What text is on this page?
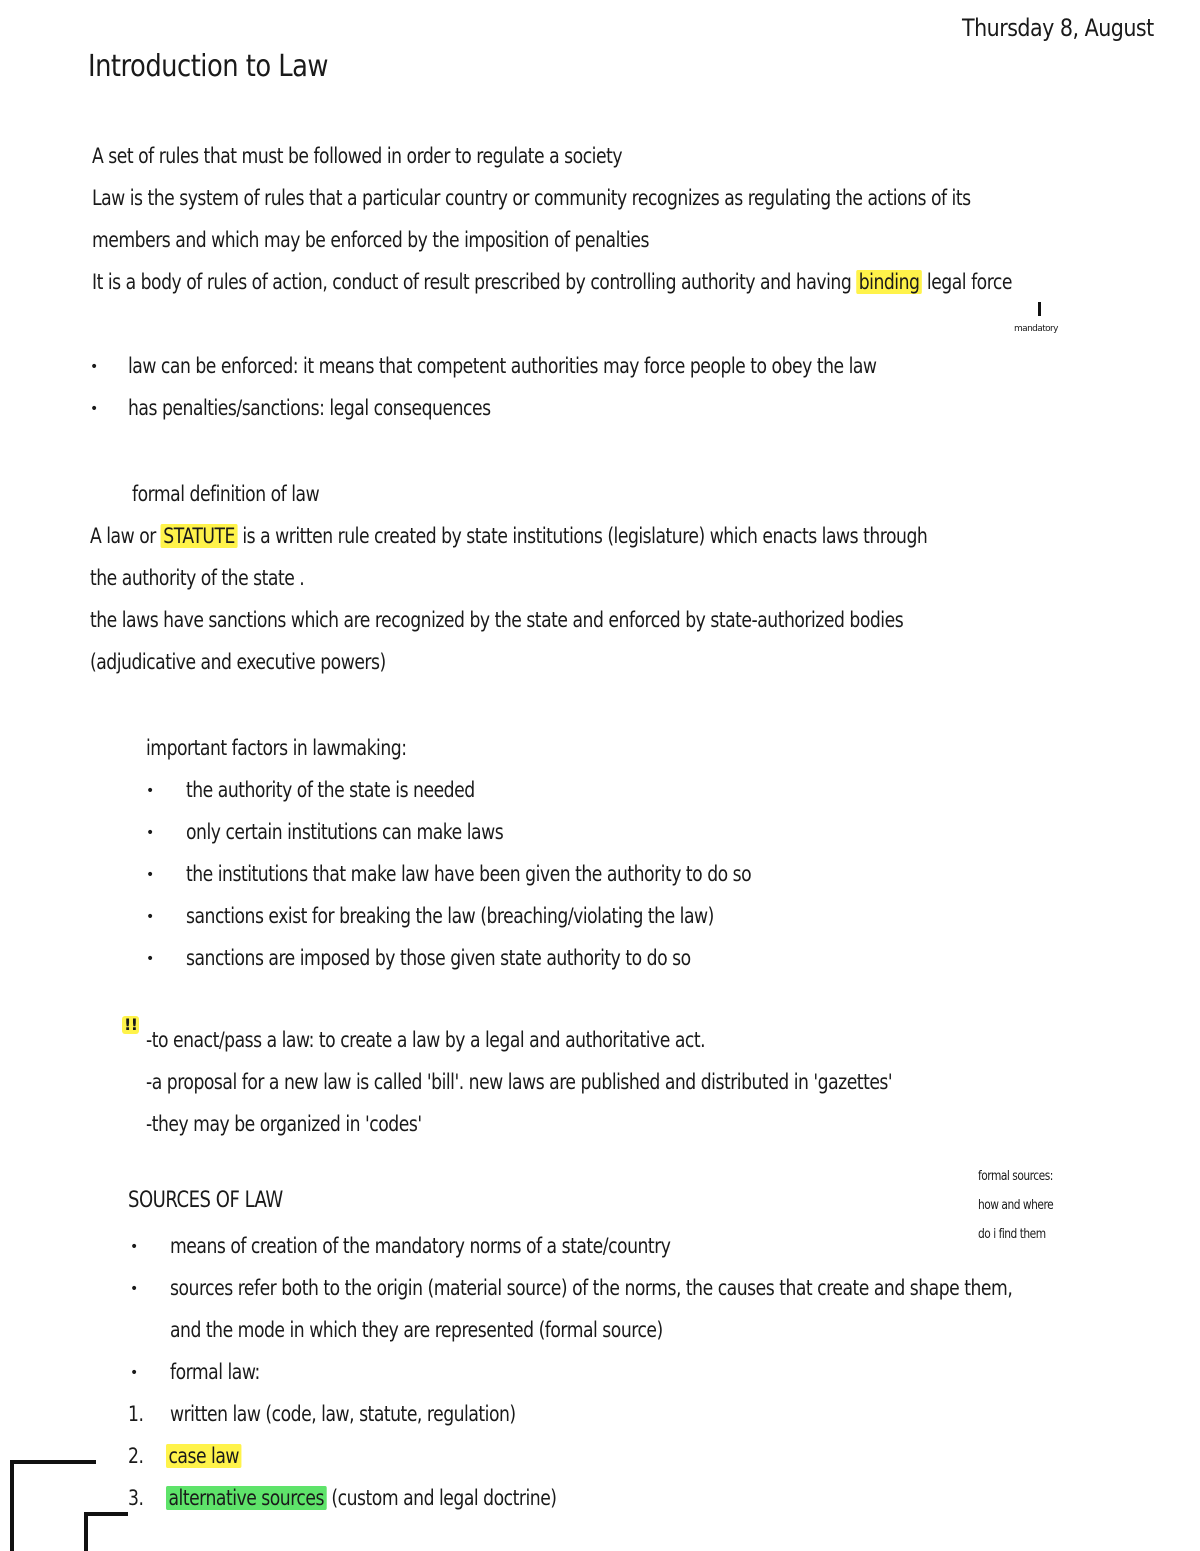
Thursday 8, August
Introduction to Law
A set of rules that must be followed in order to regulate a society
Law is the system of rules that a particular country or community recognizes as regulating the actions of its
members and which may be enforced by the imposition of penalties
It is a body of rules of action, conduct of result prescribed by controlling authority and having binding legal force
mandatory
• law can be enforced: it means that competent authorities may force people to obey the law
• has penalties/sanctions: legal consequences
formal definition of law
A law or STATUTE is a written rule created by state institutions (legislature) which enacts laws through
the authority of the state .
the laws have sanctions which are recognized by the state and enforced by state-authorized bodies
(adjudicative and executive powers)
important factors in lawmaking:
• the authority of the state is needed
• only certain institutions can make laws
• the institutions that make law have been given the authority to do so
• sanctions exist for breaking the law (breaching/violating the law)
• sanctions are imposed by those given state authority to do so
!!
-to enact/pass a law: to create a law by a legal and authoritative act.
-a proposal for a new law is called 'bill'. new laws are published and distributed in 'gazettes'
-they may be organized in 'codes'
formal sources:
how and where
do i find them
SOURCES OF LAW
• means of creation of the mandatory norms of a state/country
• sources refer both to the origin (material source) of the norms, the causes that create and shape them,
and the mode in which they are represented (formal source)
• formal law:
1. written law (code, law, statute, regulation)
2. case law
3. alternative sources (custom and legal doctrine)
